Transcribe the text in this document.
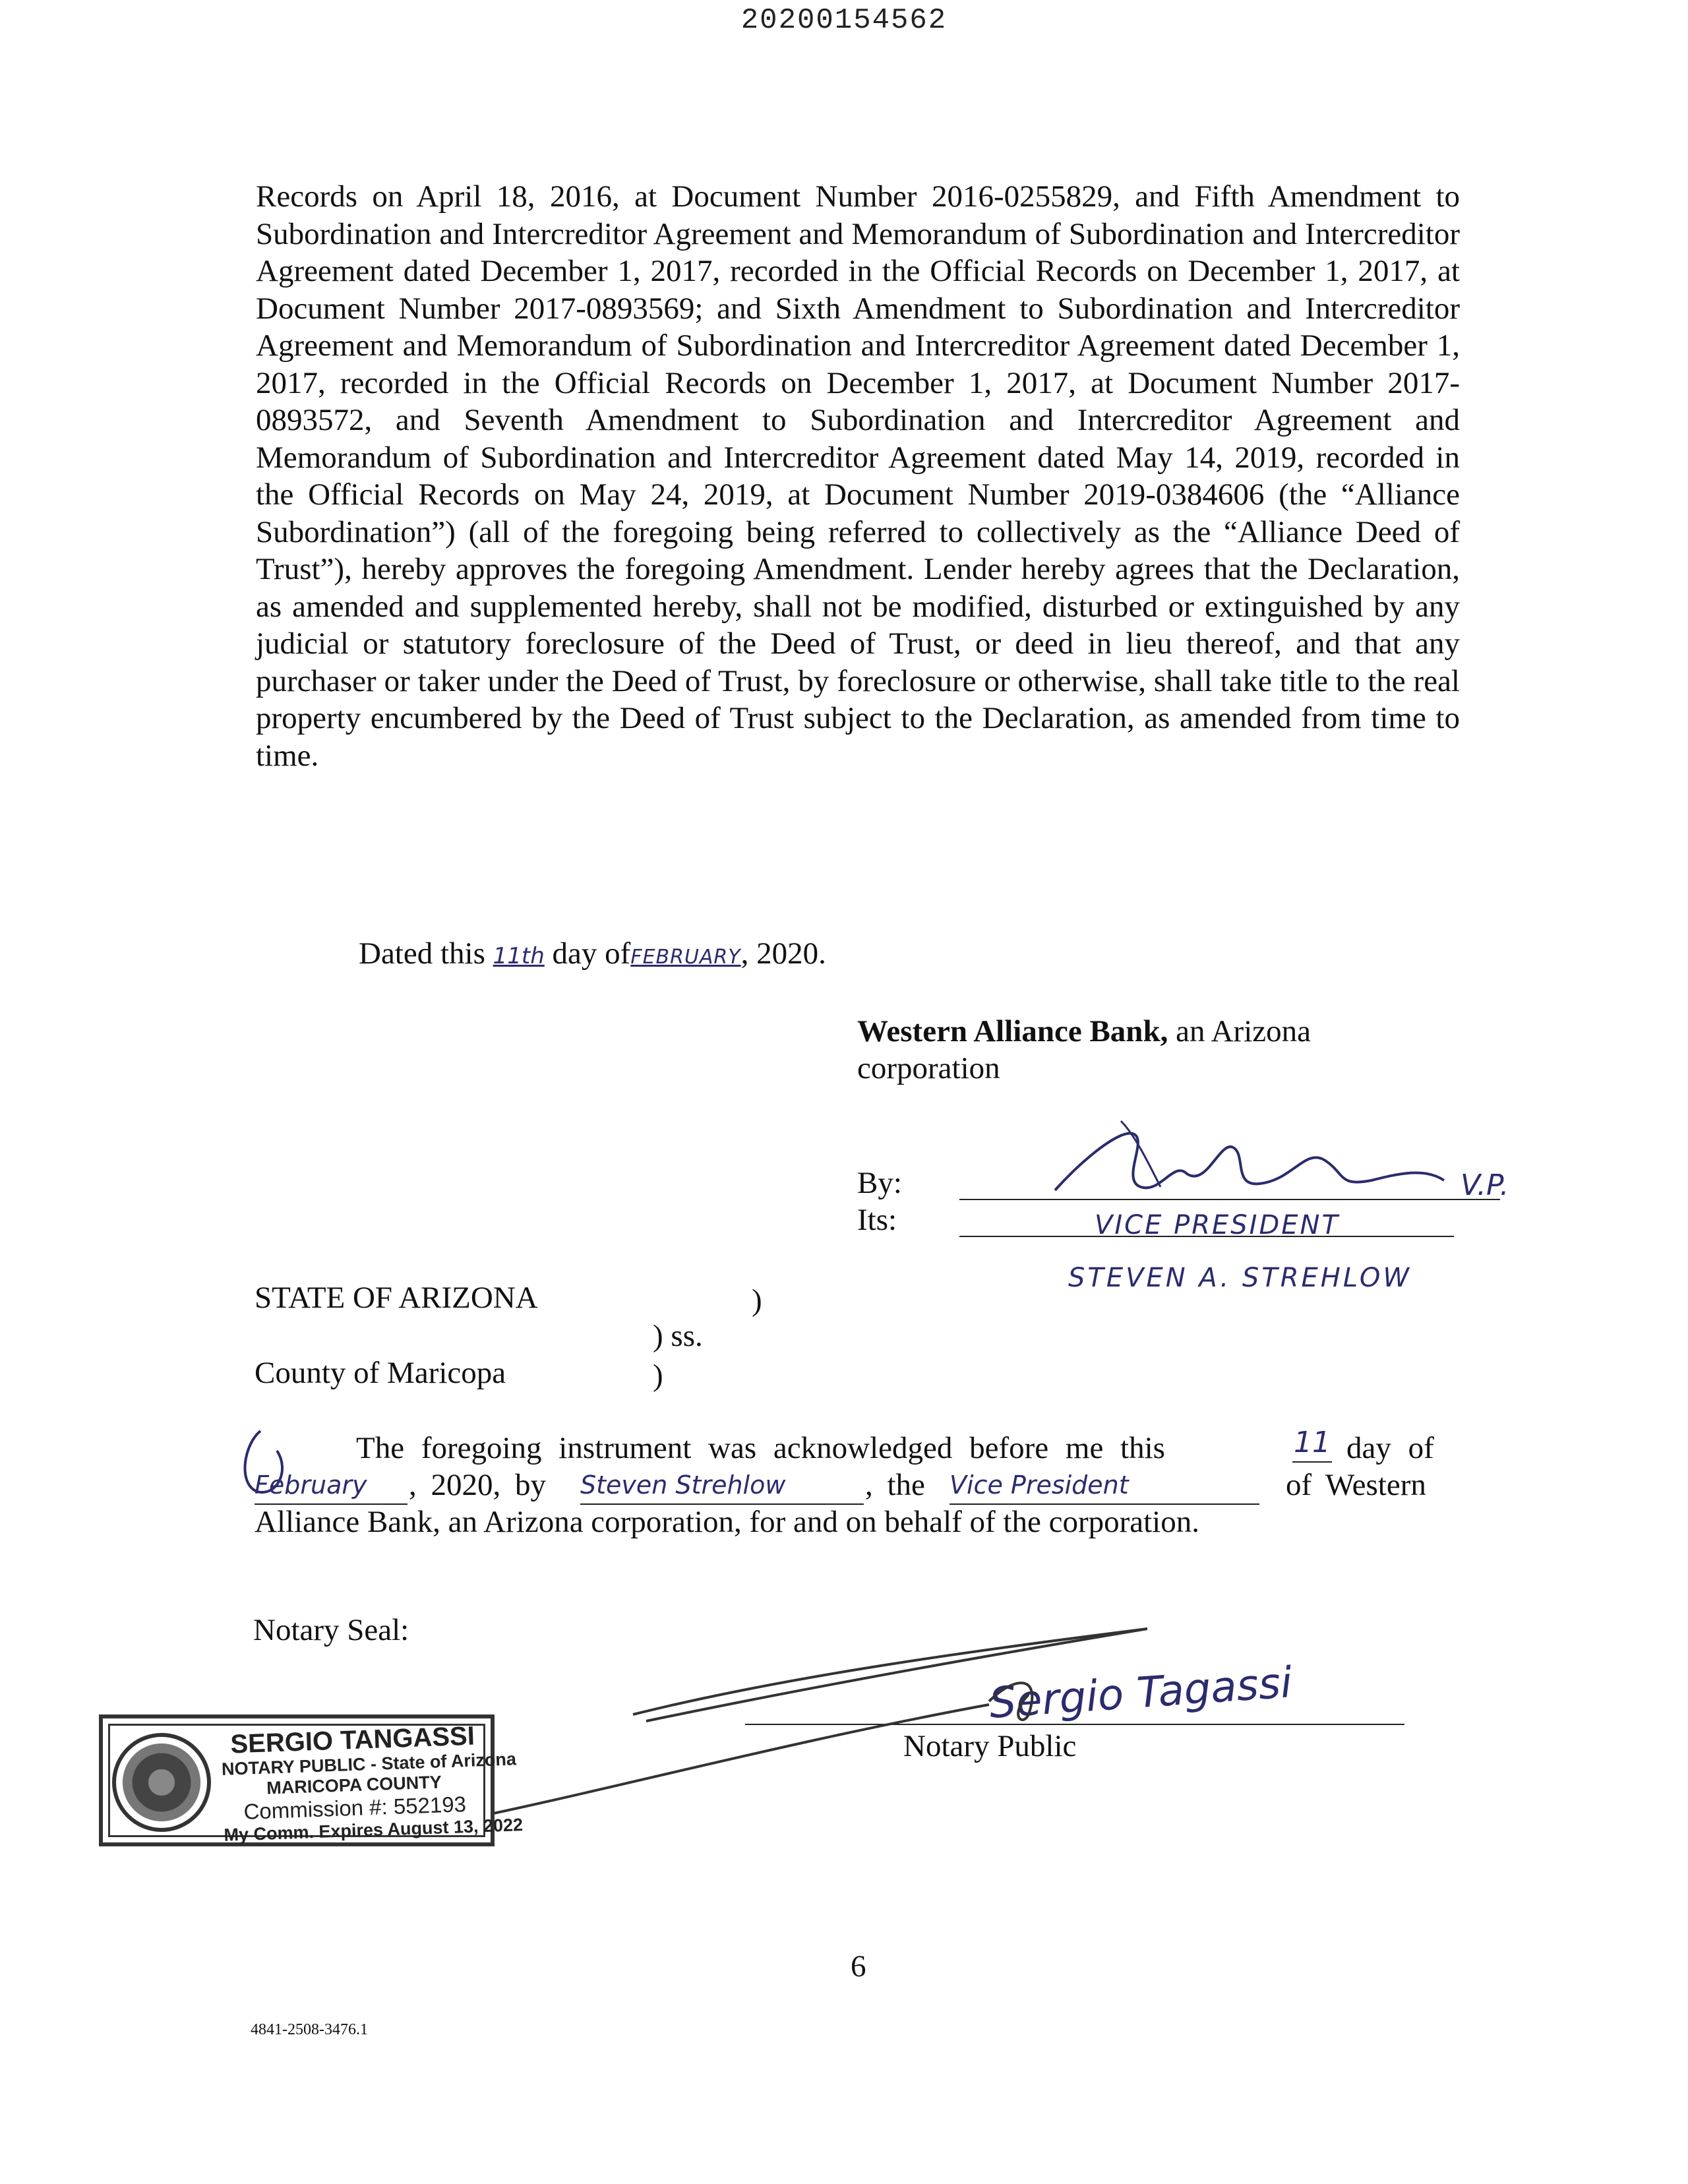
20200154562
Records on April 18, 2016, at Document Number 2016-0255829, and Fifth Amendment to Subordination and Intercreditor Agreement and Memorandum of Subordination and Intercreditor Agreement dated December 1, 2017, recorded in the Official Records on December 1, 2017, at Document Number 2017-0893569; and Sixth Amendment to Subordination and Intercreditor Agreement and Memorandum of Subordination and Intercreditor Agreement dated December 1, 2017, recorded in the Official Records on December 1, 2017, at Document Number 2017-0893572, and Seventh Amendment to Subordination and Intercreditor Agreement and Memorandum of Subordination and Intercreditor Agreement dated May 14, 2019, recorded in the Official Records on May 24, 2019, at Document Number 2019-0384606 (the “Alliance Subordination”) (all of the foregoing being referred to collectively as the “Alliance Deed of Trust”), hereby approves the foregoing Amendment. Lender hereby agrees that the Declaration, as amended and supplemented hereby, shall not be modified, disturbed or extinguished by any judicial or statutory foreclosure of the Deed of Trust, or deed in lieu thereof, and that any purchaser or taker under the Deed of Trust, by foreclosure or otherwise, shall take title to the real property encumbered by the Deed of Trust subject to the Declaration, as amended from time to time.
Dated this 11th day ofFEBRUARY, 2020.
Western Alliance Bank, an Arizona
corporation
By:
Its:
V.P.
VICE PRESIDENT
STEVEN A. STREHLOW
STATE OF ARIZONA	)
) ss.
County of Maricopa	)
The foregoing instrument was acknowledged before me this	11 day of
February	, 2020, by Steven Strehlow	, the Vice President	of Western
Alliance Bank, an Arizona corporation, for and on behalf of the corporation.
Notary Seal:
Notary Public
Sergio Tagassi
SERGIO TANGASSI
NOTARY PUBLIC - State of Arizona
MARICOPA COUNTY
Commission #: 552193
My Comm. Expires August 13, 2022
6
4841-2508-3476.1
